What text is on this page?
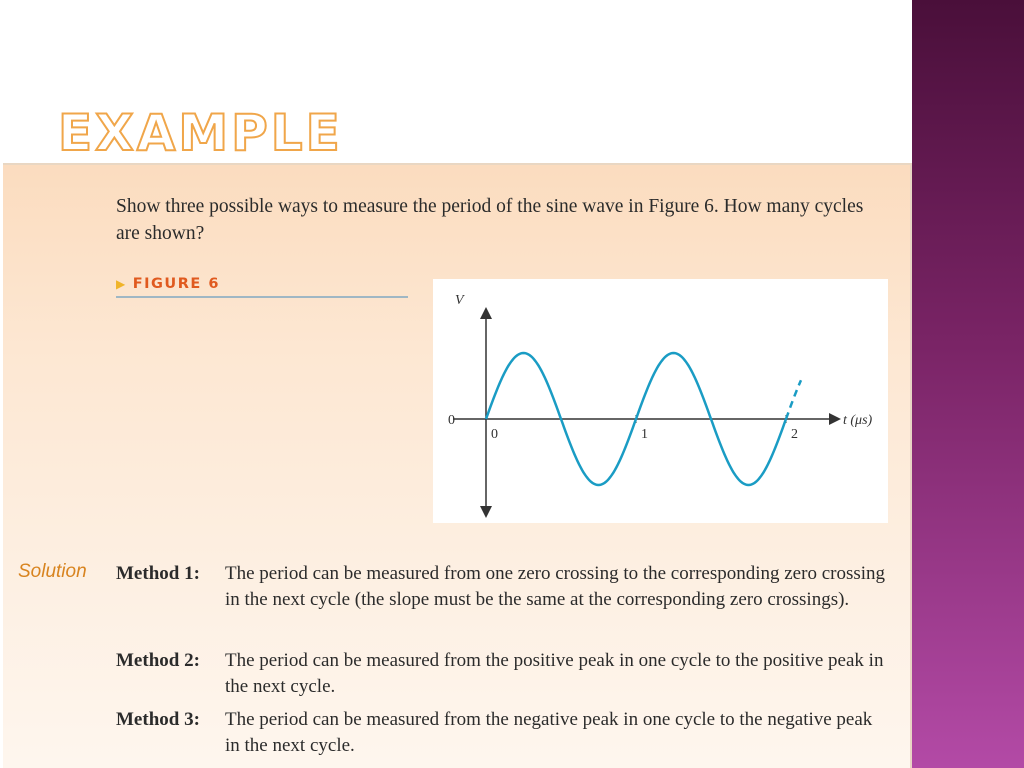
EXAMPLE
Show three possible ways to measure the period of the sine wave in Figure 6. How many cycles are shown?
▶ FIGURE 6
V
0	t (μs)
0	1	2
Solution Method 1: The period can be measured from one zero crossing to the corresponding zero crossing in the next cycle (the slope must be the same at the corresponding zero crossings).
Method 2: The period can be measured from the positive peak in one cycle to the positive peak in the next cycle.
Method 3: The period can be measured from the negative peak in one cycle to the negative peak in the next cycle.
